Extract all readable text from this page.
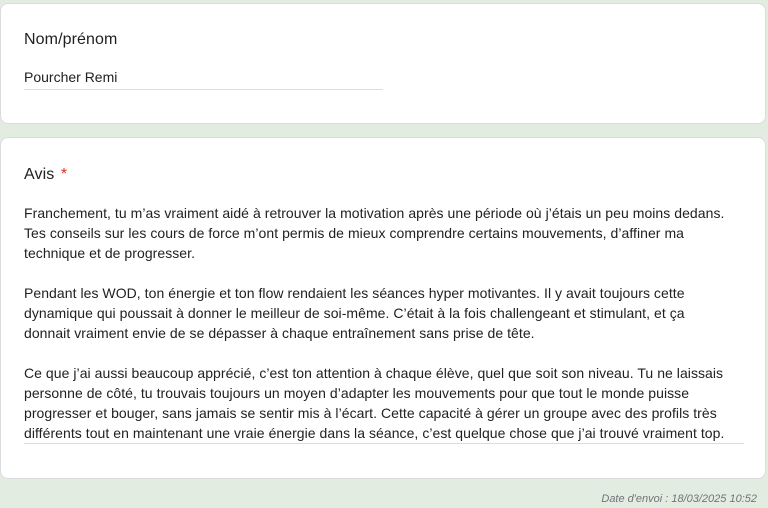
Nom/prénom
Pourcher Remi
Avis *
Franchement, tu m’as vraiment aidé à retrouver la motivation après une période où j’étais un peu moins dedans.
Tes conseils sur les cours de force m’ont permis de mieux comprendre certains mouvements, d’affiner ma
technique et de progresser.

Pendant les WOD, ton énergie et ton flow rendaient les séances hyper motivantes. Il y avait toujours cette
dynamique qui poussait à donner le meilleur de soi-même. C’était à la fois challengeant et stimulant, et ça
donnait vraiment envie de se dépasser à chaque entraînement sans prise de tête.

Ce que j’ai aussi beaucoup apprécié, c’est ton attention à chaque élève, quel que soit son niveau. Tu ne laissais
personne de côté, tu trouvais toujours un moyen d’adapter les mouvements pour que tout le monde puisse
progresser et bouger, sans jamais se sentir mis à l’écart. Cette capacité à gérer un groupe avec des profils très
différents tout en maintenant une vraie énergie dans la séance, c’est quelque chose que j’ai trouvé vraiment top.
Date d'envoi : 18/03/2025 10:52
